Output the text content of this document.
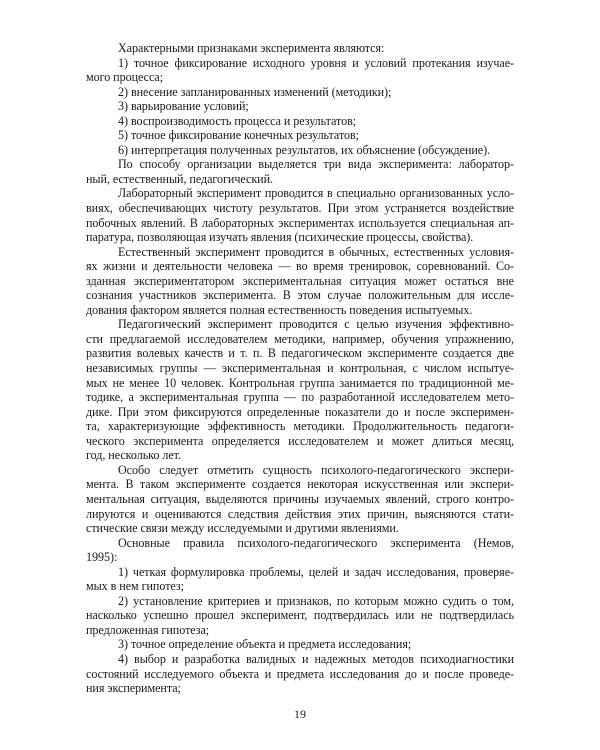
Характерными признаками эксперимента являются:
1) точное фиксирование исходного уровня и условий протекания изучае-
мого процесса;
2) внесение запланированных изменений (методики);
3) варьирование условий;
4) воспроизводимость процесса и результатов;
5) точное фиксирование конечных результатов;
6) интерпретация полученных результатов, их объяснение (обсуждение).
По способу организации выделяется три вида эксперимента: лаборатор-
ный, естественный, педагогический.
Лабораторный эксперимент проводится в специально организованных усло-
виях, обеспечивающих чистоту результатов. При этом устраняется воздействие
побочных явлений. В лабораторных экспериментах используется специальная ап-
паратура, позволяющая изучать явления (психические процессы, свойства).
Естественный эксперимент проводится в обычных, естественных условия-
ях жизни и деятельности человека — во время тренировок, соревнований. Со-
зданная экспериментатором экспериментальная ситуация может остаться вне
сознания участников эксперимента. В этом случае положительным для иссле-
дования фактором является полная естественность поведения испытуемых.
Педагогический эксперимент проводится с целью изучения эффективно-
сти предлагаемой исследователем методики, например, обучения упражнению,
развития волевых качеств и т. п. В педагогическом эксперименте создается две
независимых группы — экспериментальная и контрольная, с числом испытуе-
мых не менее 10 человек. Контрольная группа занимается по традиционной ме-
тодике, а экспериментальная группа — по разработанной исследователем мето-
дике. При этом фиксируются определенные показатели до и после эксперимен-
та, характеризующие эффективность методики. Продолжительность педагоги-
ческого эксперимента определяется исследователем и может длиться месяц,
год, несколько лет.
Особо следует отметить сущность психолого-педагогического экспери-
мента. В таком эксперименте создается некоторая искусственная или экспери-
ментальная ситуация, выделяются причины изучаемых явлений, строго контро-
лируются и оцениваются следствия действия этих причин, выясняются стати-
стические связи между исследуемыми и другими явлениями.
Основные правила психолого-педагогического эксперимента (Немов,
1995):
1) четкая формулировка проблемы, целей и задач исследования, проверяе-
мых в нем гипотез;
2) установление критериев и признаков, по которым можно судить о том,
насколько успешно прошел эксперимент, подтвердилась или не подтвердилась
предложенная гипотеза;
3) точное определение объекта и предмета исследования;
4) выбор и разработка валидных и надежных методов психодиагностики
состояний исследуемого объекта и предмета исследования до и после проведе-
ния эксперимента;
19
